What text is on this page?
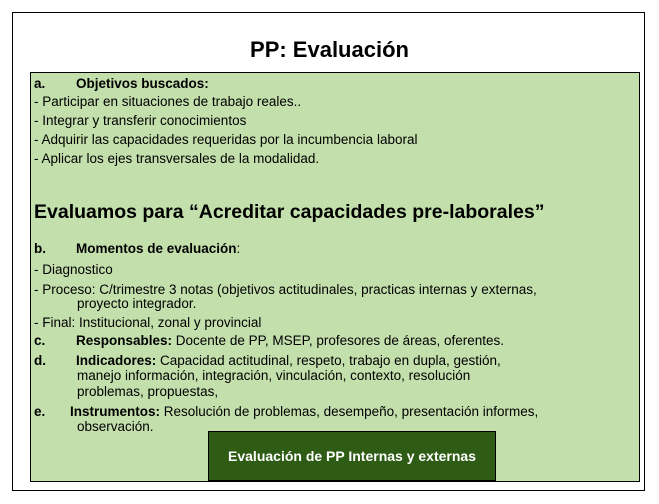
PP: Evaluación
a. Objetivos buscados:
- Participar en situaciones de trabajo reales..
- Integrar y transferir conocimientos
- Adquirir las capacidades requeridas por la incumbencia laboral
- Aplicar los ejes transversales de la modalidad.
Evaluamos para “Acreditar capacidades pre-laborales”
b. Momentos de evaluación:
- Diagnostico
- Proceso: C/trimestre 3 notas (objetivos actitudinales, practicas internas y externas,
proyecto integrador.
- Final: Institucional, zonal y provincial
c. Responsables: Docente de PP, MSEP, profesores de áreas, oferentes.
d. Indicadores: Capacidad actitudinal, respeto, trabajo en dupla, gestión,
manejo información, integración, vinculación, contexto, resolución
problemas, propuestas,
e. Instrumentos: Resolución de problemas, desempeño, presentación informes,
observación.
Evaluación de PP Internas y externas
